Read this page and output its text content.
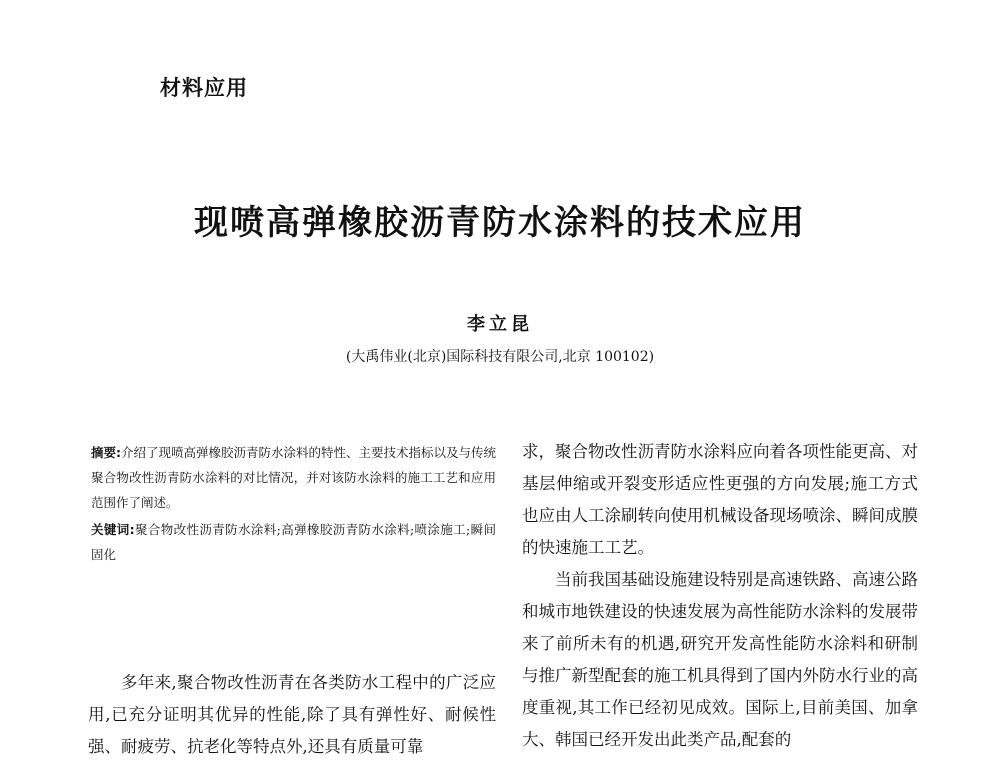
材料应用
现喷高弹橡胶沥青防水涂料的技术应用
李立昆
(大禹伟业(北京)国际科技有限公司,北京 100102)
摘要:介绍了现喷高弹橡胶沥青防水涂料的特性、主要技术指标以及与传统聚合物改性沥青防水涂料的对比情况，并对该防水涂料的施工工艺和应用范围作了阐述。
关键词:聚合物改性沥青防水涂料;高弹橡胶沥青防水涂料;喷涂施工;瞬间固化

多年来,聚合物改性沥青在各类防水工程中的广泛应用,已充分证明其优异的性能,除了具有弹性好、耐候性强、耐疲劳、抗老化等特点外,还具有质量可靠

求，聚合物改性沥青防水涂料应向着各项性能更高、对基层伸缩或开裂变形适应性更强的方向发展;施工方式也应由人工涂刷转向使用机械设备现场喷涂、瞬间成膜的快速施工工艺。

当前我国基础设施建设特别是高速铁路、高速公路和城市地铁建设的快速发展为高性能防水涂料的发展带来了前所未有的机遇,研究开发高性能防水涂料和研制与推广新型配套的施工机具得到了国内外防水行业的高度重视,其工作已经初见成效。国际上,目前美国、加拿大、韩国已经开发出此类产品,配套的
